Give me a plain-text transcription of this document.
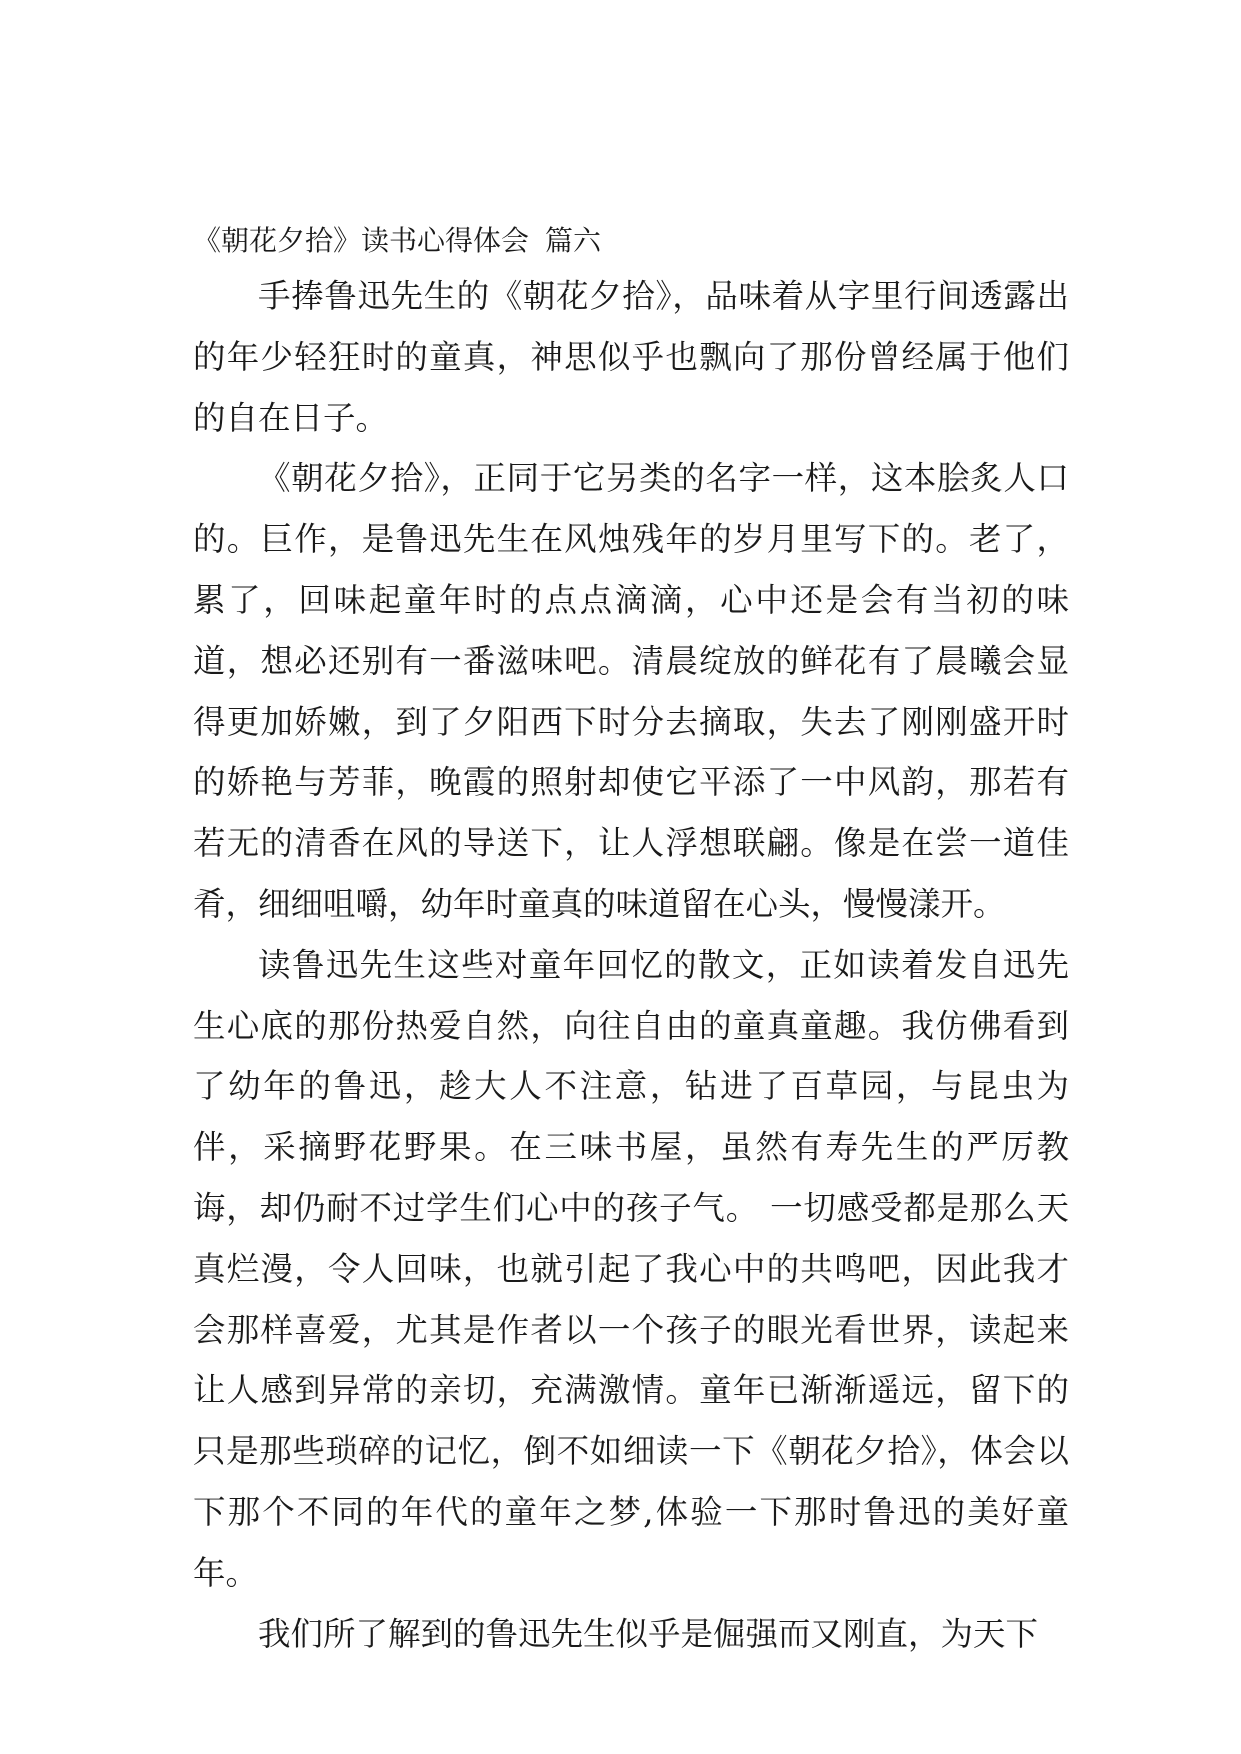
《朝花夕拾》读书心得体会 篇六

手捧鲁迅先生的《朝花夕拾》，品味着从字里行间透露出的年少轻狂时的童真，神思似乎也飘向了那份曾经属于他们的自在日子。

《朝花夕拾》，正同于它另类的名字一样，这本脍炙人口的。巨作，是鲁迅先生在风烛残年的岁月里写下的。老了，累了，回味起童年时的点点滴滴，心中还是会有当初的味道，想必还别有一番滋味吧。清晨绽放的鲜花有了晨曦会显得更加娇嫩，到了夕阳西下时分去摘取，失去了刚刚盛开时的娇艳与芳菲，晚霞的照射却使它平添了一中风韵，那若有若无的清香在风的导送下，让人浮想联翩。像是在尝一道佳肴，细细咀嚼，幼年时童真的味道留在心头，慢慢漾开。

读鲁迅先生这些对童年回忆的散文，正如读着发自迅先生心底的那份热爱自然，向往自由的童真童趣。我仿佛看到了幼年的鲁迅，趁大人不注意，钻进了百草园，与昆虫为伴，采摘野花野果。在三味书屋，虽然有寿先生的严厉教诲，却仍耐不过学生们心中的孩子气。 一切感受都是那么天真烂漫，令人回味，也就引起了我心中的共鸣吧，因此我才会那样喜爱，尤其是作者以一个孩子的眼光看世界，读起来让人感到异常的亲切，充满激情。童年已渐渐遥远，留下的只是那些琐碎的记忆，倒不如细读一下《朝花夕拾》，体会以下那个不同的年代的童年之梦,体验一下那时鲁迅的美好童年。

我们所了解到的鲁迅先生似乎是倔强而又刚直，为天下
